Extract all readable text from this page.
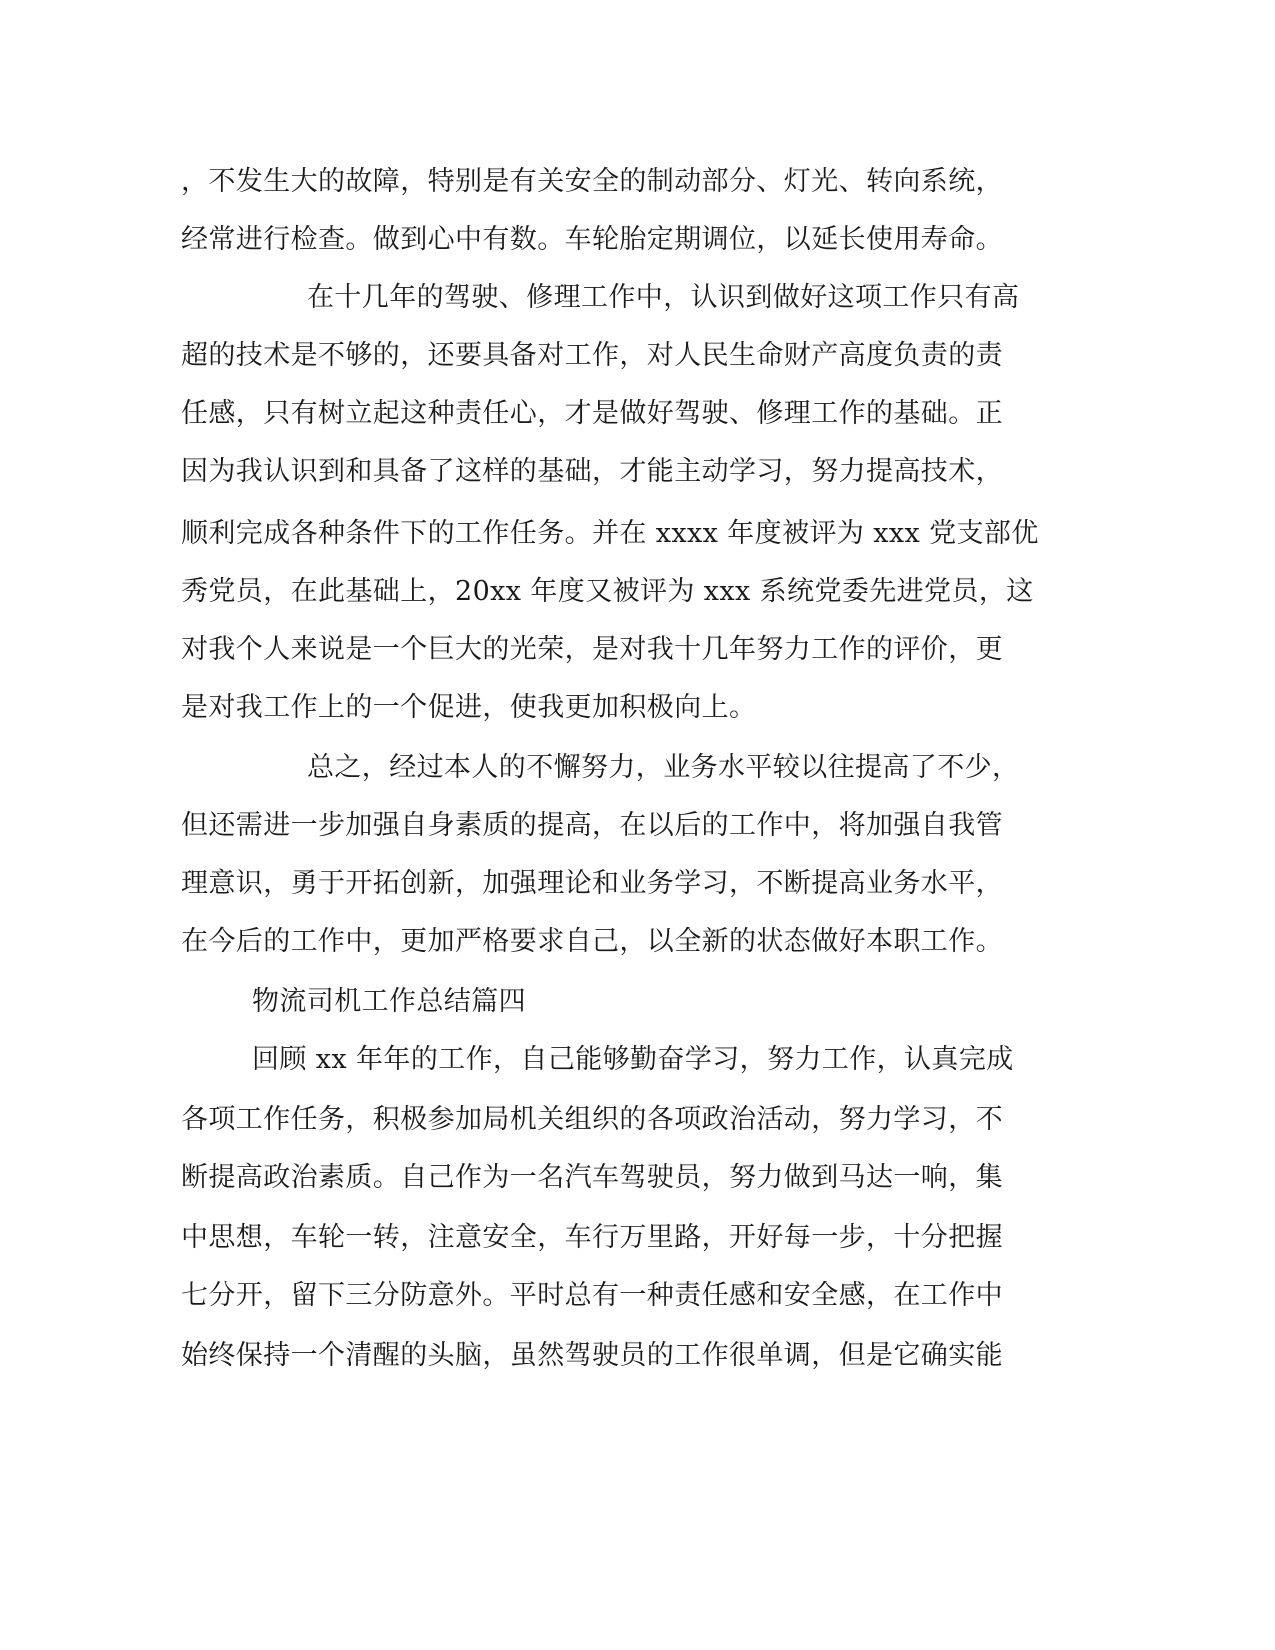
，不发生大的故障，特别是有关安全的制动部分、灯光、转向系统，
经常进行检查。做到心中有数。车轮胎定期调位，以延长使用寿命。
在十几年的驾驶、修理工作中，认识到做好这项工作只有高
超的技术是不够的，还要具备对工作，对人民生命财产高度负责的责
任感，只有树立起这种责任心，才是做好驾驶、修理工作的基础。正
因为我认识到和具备了这样的基础，才能主动学习，努力提高技术，
顺利完成各种条件下的工作任务。并在 xxxx 年度被评为 xxx 党支部优
秀党员，在此基础上，20xx 年度又被评为 xxx 系统党委先进党员，这
对我个人来说是一个巨大的光荣，是对我十几年努力工作的评价，更
是对我工作上的一个促进，使我更加积极向上。
总之，经过本人的不懈努力，业务水平较以往提高了不少，
但还需进一步加强自身素质的提高，在以后的工作中，将加强自我管
理意识，勇于开拓创新，加强理论和业务学习，不断提高业务水平，
在今后的工作中，更加严格要求自己，以全新的状态做好本职工作。
物流司机工作总结篇四
回顾 xx 年年的工作，自己能够勤奋学习，努力工作，认真完成
各项工作任务，积极参加局机关组织的各项政治活动，努力学习，不
断提高政治素质。自己作为一名汽车驾驶员，努力做到马达一响，集
中思想，车轮一转，注意安全，车行万里路，开好每一步，十分把握
七分开，留下三分防意外。平时总有一种责任感和安全感，在工作中
始终保持一个清醒的头脑，虽然驾驶员的工作很单调，但是它确实能
